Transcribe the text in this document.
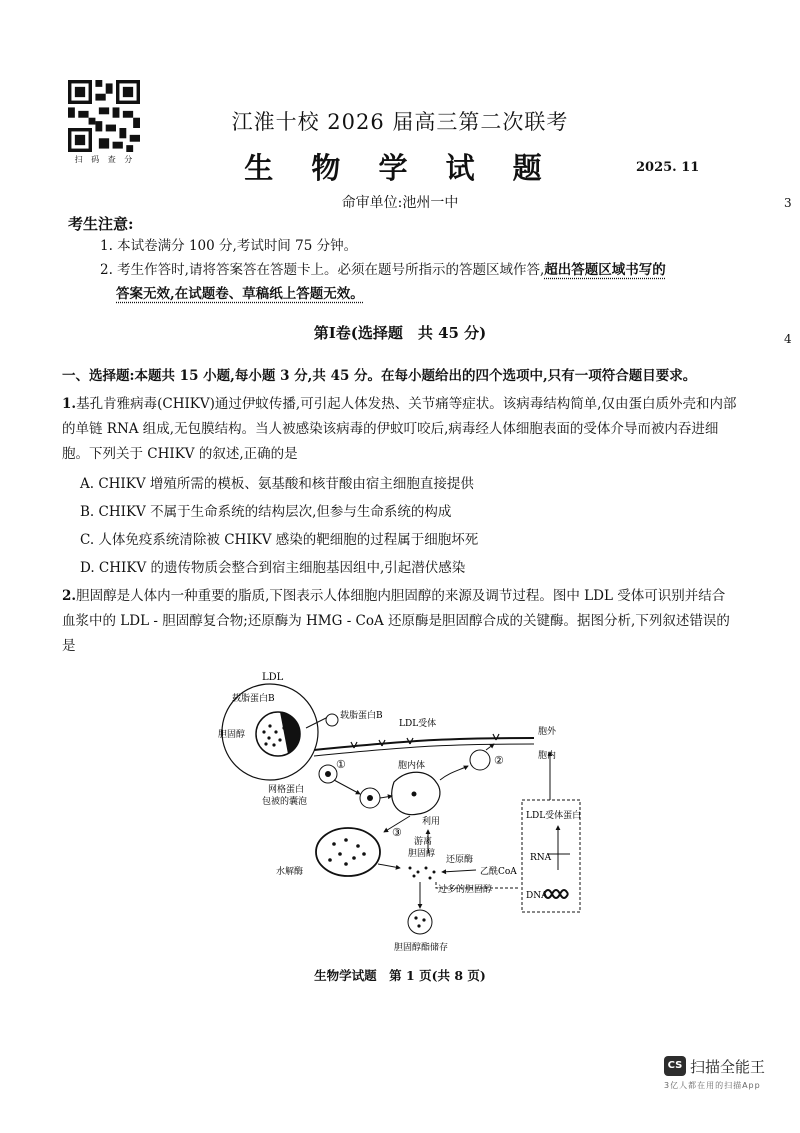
扫 码 查 分
江淮十校 2026 届高三第二次联考
生 物 学 试 题	2025. 11
命审单位:池州一中	3
4
考生注意:
1. 本试卷满分 100 分,考试时间 75 分钟。
2. 考生作答时,请将答案答在答题卡上。必须在题号所指示的答题区域作答,超出答题区域书写的
答案无效,在试题卷、草稿纸上答题无效。
第Ⅰ卷(选择题　共 45 分)
一、选择题:本题共 15 小题,每小题 3 分,共 45 分。在每小题给出的四个选项中,只有一项符合题目要求。
1.基孔肯雅病毒(CHIKV)通过伊蚊传播,可引起人体发热、关节痛等症状。该病毒结构简单,仅由蛋白质外壳和内部的单链 RNA 组成,无包膜结构。当人被感染该病毒的伊蚊叮咬后,病毒经人体细胞表面的受体介导而被内吞进细胞。下列关于 CHIKV 的叙述,正确的是
A. CHIKV 增殖所需的模板、氨基酸和核苷酸由宿主细胞直接提供
B. CHIKV 不属于生命系统的结构层次,但参与生命系统的构成
C. 人体免疫系统清除被 CHIKV 感染的靶细胞的过程属于细胞坏死
D. CHIKV 的遗传物质会整合到宿主细胞基因组中,引起潜伏感染
2.胆固醇是人体内一种重要的脂质,下图表示人体细胞内胆固醇的来源及调节过程。图中 LDL 受体可识别并结合血浆中的 LDL - 胆固醇复合物;还原酶为 HMG - CoA 还原酶是胆固醇合成的关键酶。据图分析,下列叙述错误的是
LDL
载脂蛋白B
胆固醇
载脂蛋白B
LDL受体
胞外
胞内
①
网格蛋白
包被的囊泡
胞内体	②
③
水解酶
利用
游离
胆固醇
还原酶
乙酰CoA
过多的胆固醇
胆固醇酯储存
LDL受体蛋白
RNA
DNA
生物学试题　第 1 页(共 8 页)
CS 扫描全能王
3亿人都在用的扫描App
